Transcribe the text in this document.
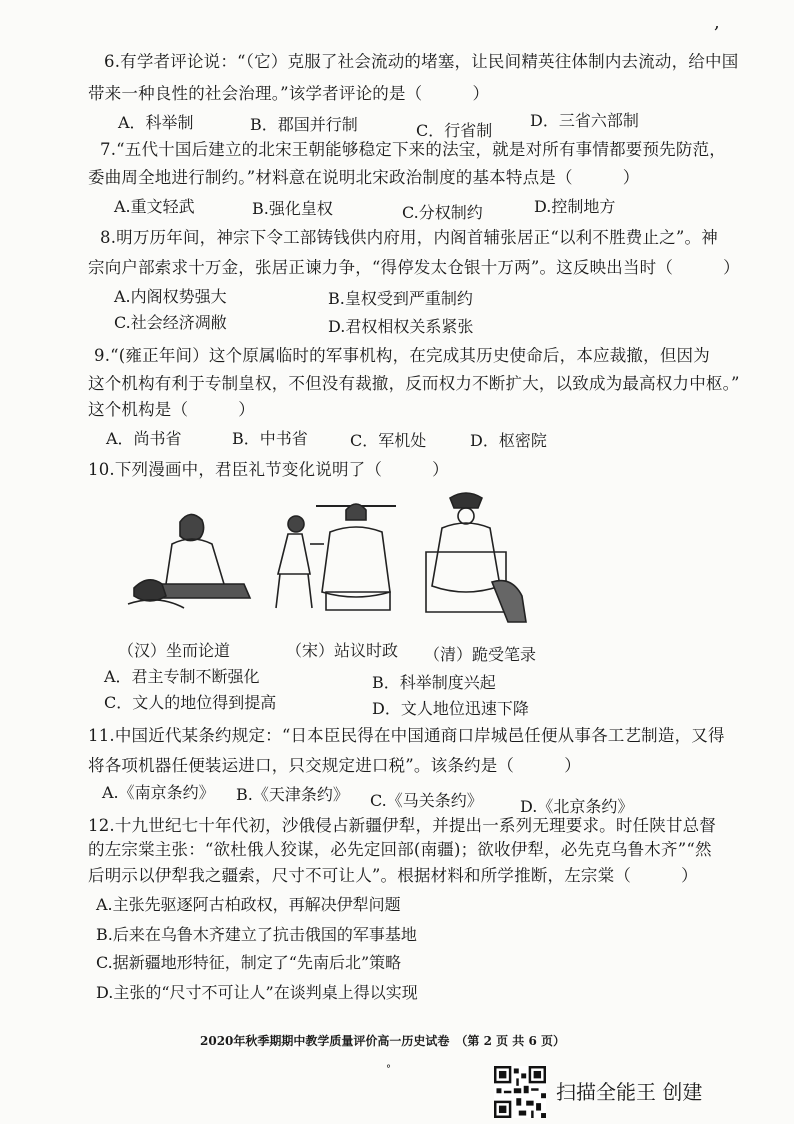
,
6.有学者评论说：“（它）克服了社会流动的堵塞，让民间精英往体制内去流动，给中国
带来一种良性的社会治理。”该学者评论的是（　　　）
A．科举制	B．郡国并行制	C．行省制
D．三省六部制
7.“五代十国后建立的北宋王朝能够稳定下来的法宝，就是对所有事情都要预先防范，
委曲周全地进行制约。”材料意在说明北宋政治制度的基本特点是（　　　）
A.重文轻武	B.强化皇权	C.分权制约	D.控制地方
8.明万历年间，神宗下令工部铸钱供内府用，内阁首辅张居正“以利不胜费止之”。神
宗向户部索求十万金，张居正谏力争，“得停发太仓银十万两”。这反映出当时（　　　）
A.内阁权势强大	B.皇权受到严重制约
C.社会经济凋敝	D.君权相权关系紧张
9.“(雍正年间）这个原属临时的军事机构，在完成其历史使命后，本应裁撤，但因为
这个机构有利于专制皇权，不但没有裁撤，反而权力不断扩大，以致成为最高权力中枢。”
这个机构是（　　　）
A．尚书省	B．中书省	C．军机处	D．枢密院
10.下列漫画中，君臣礼节变化说明了（　　　）
（汉）坐而论道	（宋）站议时政 （清）跪受笔录
A．君主专制不断强化	B．科举制度兴起
C．文人的地位得到提高	D．文人地位迅速下降
11.中国近代某条约规定：“日本臣民得在中国通商口岸城邑任便从事各工艺制造，又得
将各项机器任便装运进口，只交规定进口税”。该条约是（　　　）
A.《南京条约》 B.《天津条约》 C.《马关条约》 D.《北京条约》
12.十九世纪七十年代初，沙俄侵占新疆伊犁，并提出一系列无理要求。时任陕甘总督
的左宗棠主张：“欲杜俄人狡谋，必先定回部(南疆)；欲收伊犁，必先克乌鲁木齐”“然
后明示以伊犁我之疆索，尺寸不可让人”。根据材料和所学推断，左宗棠（　　　）
A.主张先驱逐阿古柏政权，再解决伊犁问题
B.后来在乌鲁木齐建立了抗击俄国的军事基地
C.据新疆地形特征，制定了“先南后北”策略
D.主张的“尺寸不可让人”在谈判桌上得以实现
2020年秋季期期中教学质量评价高一历史试卷　（第 2 页 共 6 页）
°
扫描全能王 创建
